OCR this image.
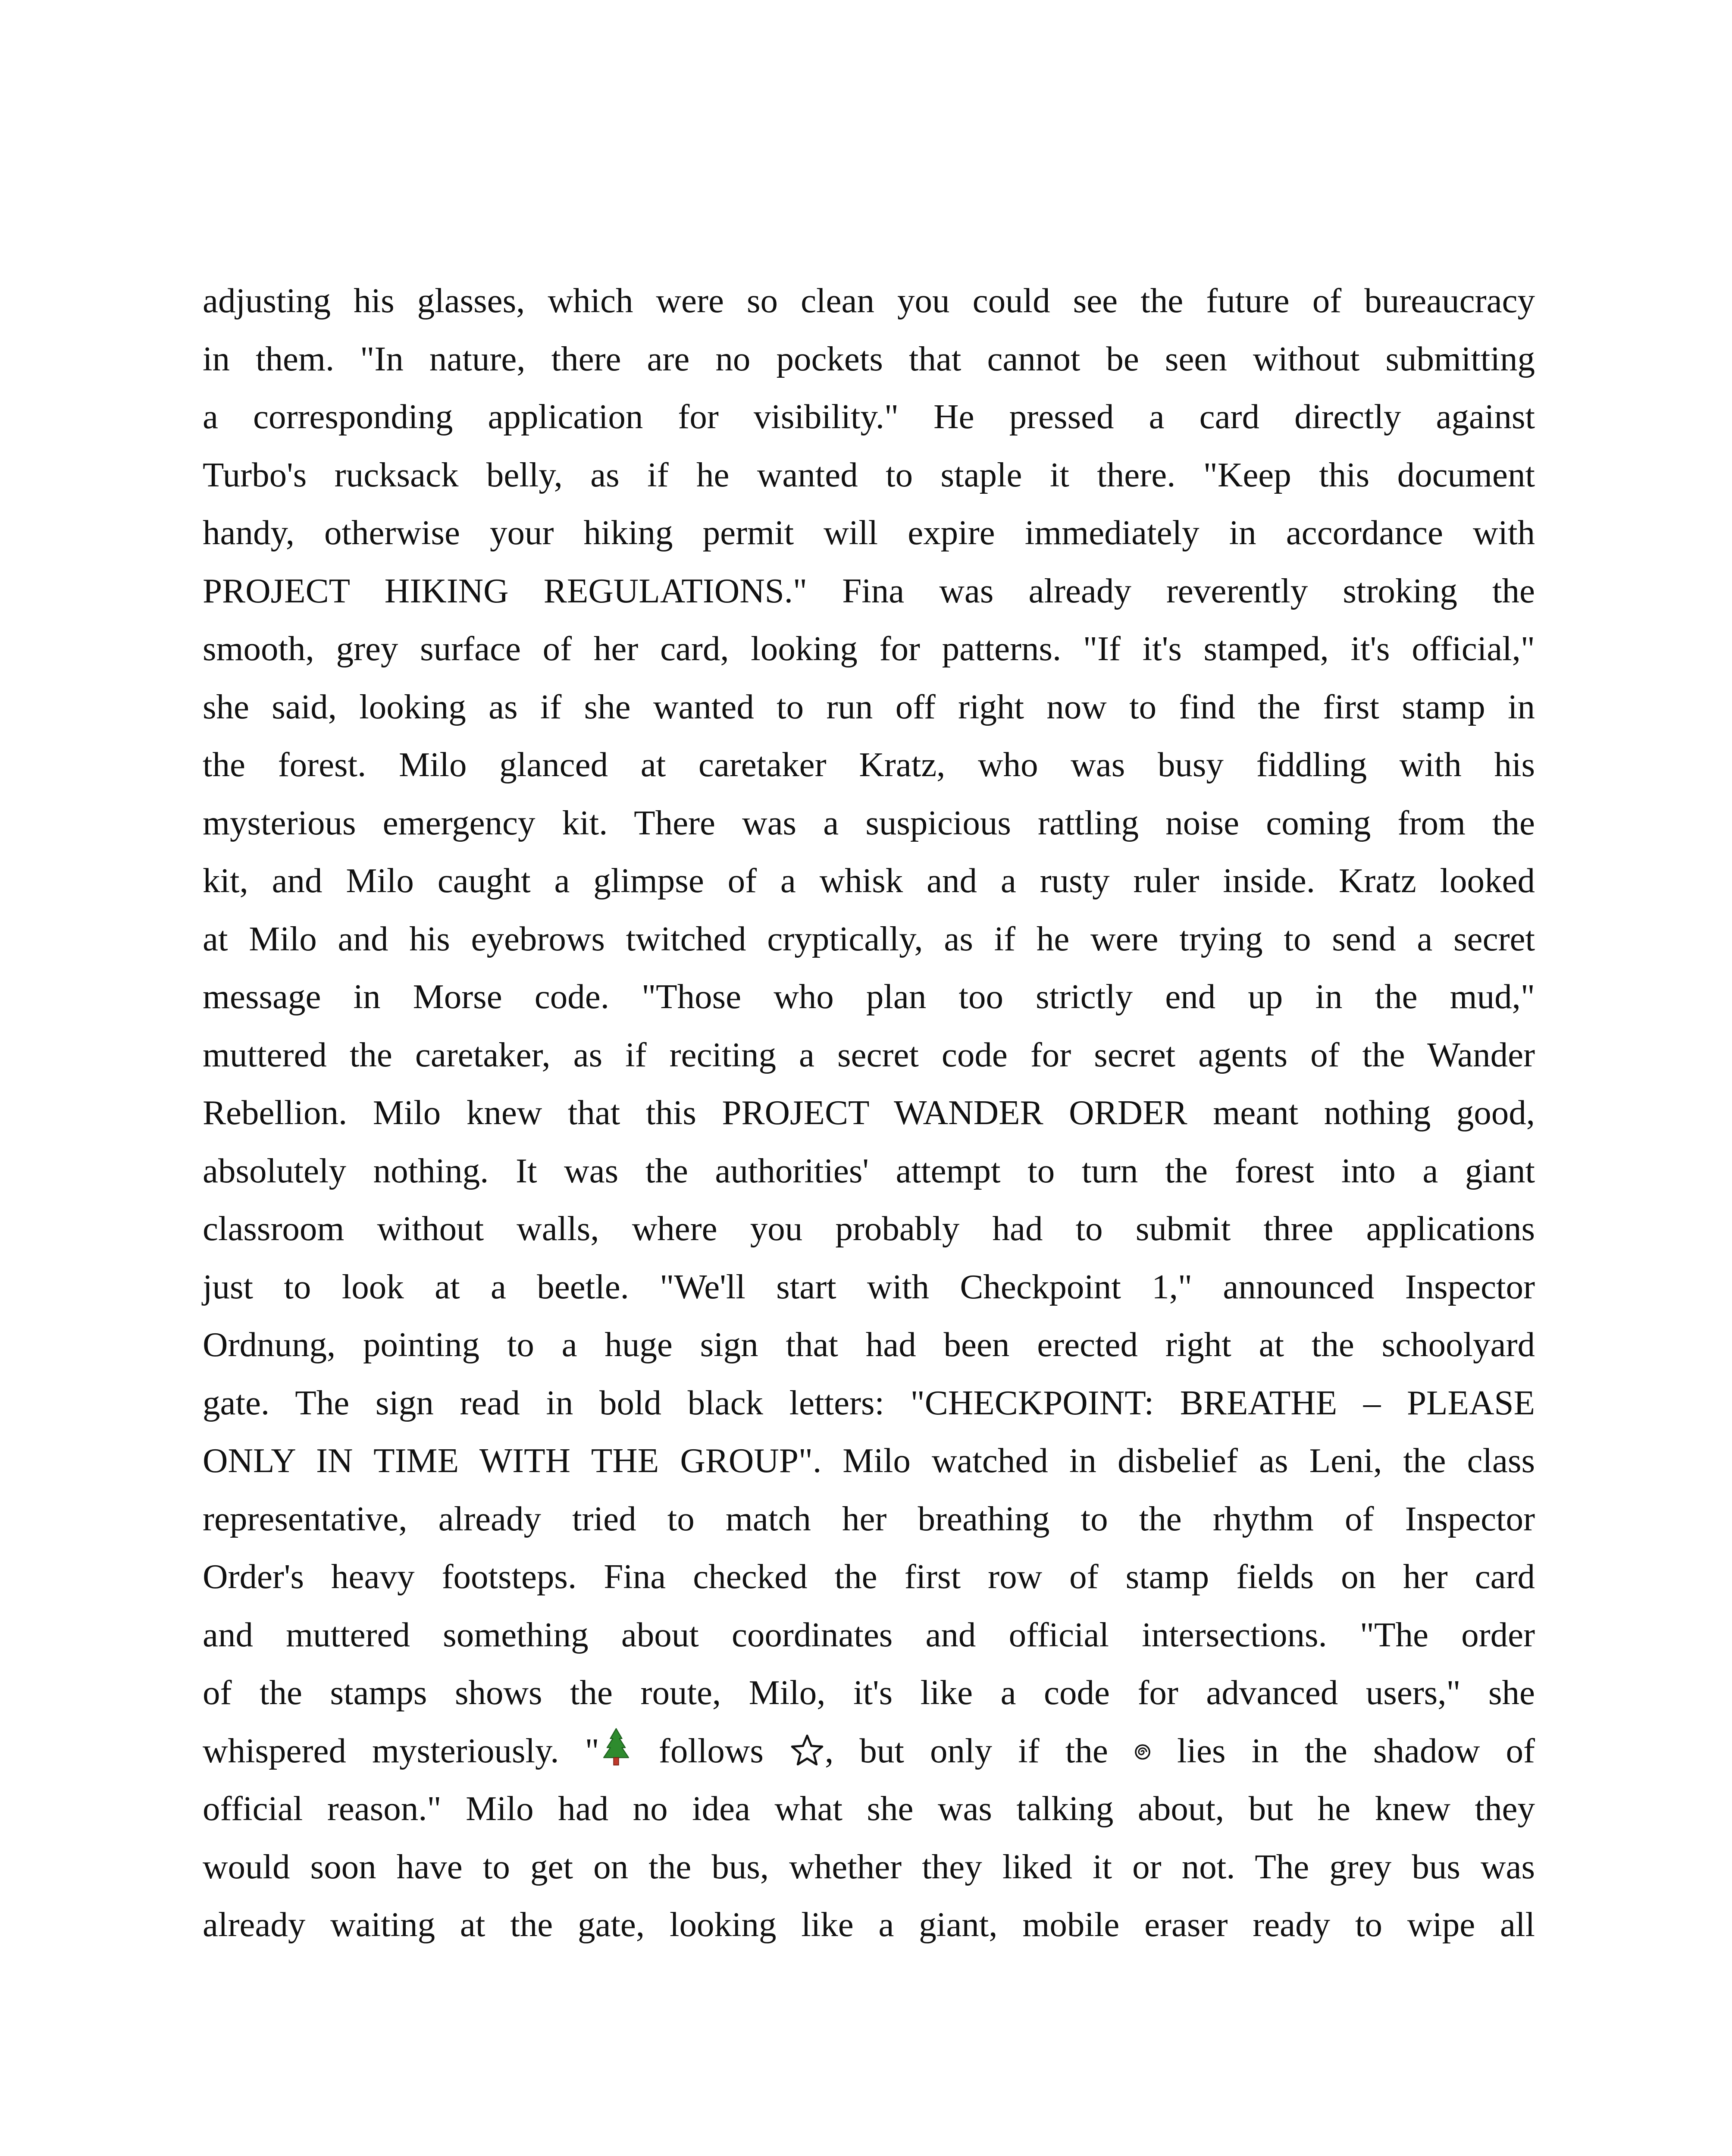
adjusting his glasses, which were so clean you could see the future of bureaucracy
in them. "In nature, there are no pockets that cannot be seen without submitting
a corresponding application for visibility." He pressed a card directly against
Turbo's rucksack belly, as if he wanted to staple it there. "Keep this document
handy, otherwise your hiking permit will expire immediately in accordance with
PROJECT HIKING REGULATIONS." Fina was already reverently stroking the
smooth, grey surface of her card, looking for patterns. "If it's stamped, it's official,"
she said, looking as if she wanted to run off right now to find the first stamp in
the forest. Milo glanced at caretaker Kratz, who was busy fiddling with his
mysterious emergency kit. There was a suspicious rattling noise coming from the
kit, and Milo caught a glimpse of a whisk and a rusty ruler inside. Kratz looked
at Milo and his eyebrows twitched cryptically, as if he were trying to send a secret
message in Morse code. "Those who plan too strictly end up in the mud,"
muttered the caretaker, as if reciting a secret code for secret agents of the Wander
Rebellion. Milo knew that this PROJECT WANDER ORDER meant nothing good,
absolutely nothing. It was the authorities' attempt to turn the forest into a giant
classroom without walls, where you probably had to submit three applications
just to look at a beetle. "We'll start with Checkpoint 1," announced Inspector
Ordnung, pointing to a huge sign that had been erected right at the schoolyard
gate. The sign read in bold black letters: "CHECKPOINT: BREATHE – PLEASE
ONLY IN TIME WITH THE GROUP". Milo watched in disbelief as Leni, the class
representative, already tried to match her breathing to the rhythm of Inspector
Order's heavy footsteps. Fina checked the first row of stamp fields on her card
and muttered something about coordinates and official intersections. "The order
of the stamps shows the route, Milo, it's like a code for advanced users," she
whispered mysteriously. "
follows
, but only if the
lies in the shadow of
official reason." Milo had no idea what she was talking about, but he knew they
would soon have to get on the bus, whether they liked it or not. The grey bus was
already waiting at the gate, looking like a giant, mobile eraser ready to wipe all
